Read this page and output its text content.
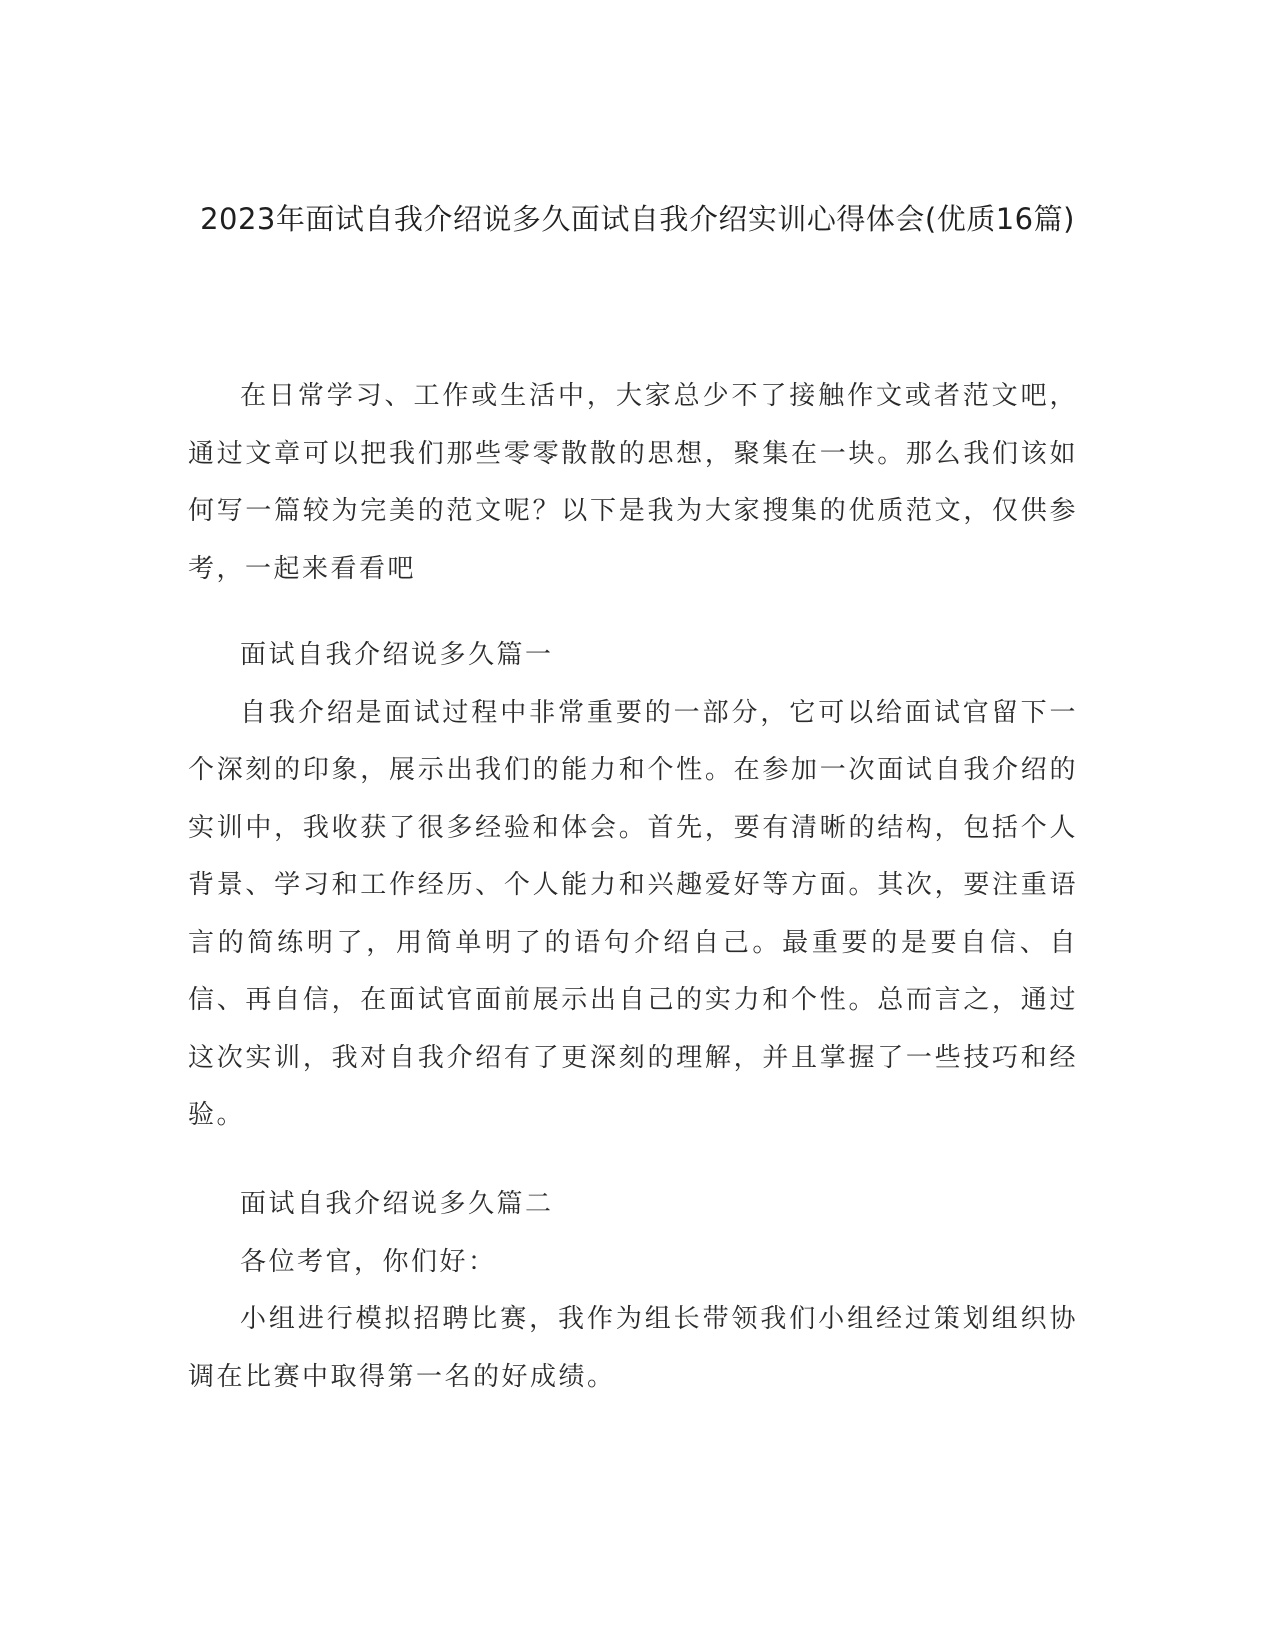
2023年面试自我介绍说多久面试自我介绍实训心得体会(优质16篇)

在日常学习、工作或生活中，大家总少不了接触作文或者范文吧，通过文章可以把我们那些零零散散的思想，聚集在一块。那么我们该如何写一篇较为完美的范文呢？以下是我为大家搜集的优质范文，仅供参考，一起来看看吧

面试自我介绍说多久篇一

自我介绍是面试过程中非常重要的一部分，它可以给面试官留下一个深刻的印象，展示出我们的能力和个性。在参加一次面试自我介绍的实训中，我收获了很多经验和体会。首先，要有清晰的结构，包括个人背景、学习和工作经历、个人能力和兴趣爱好等方面。其次，要注重语言的简练明了，用简单明了的语句介绍自己。最重要的是要自信、自信、再自信，在面试官面前展示出自己的实力和个性。总而言之，通过这次实训，我对自我介绍有了更深刻的理解，并且掌握了一些技巧和经验。

面试自我介绍说多久篇二

各位考官，你们好：

小组进行模拟招聘比赛，我作为组长带领我们小组经过策划组织协调在比赛中取得第一名的好成绩。
